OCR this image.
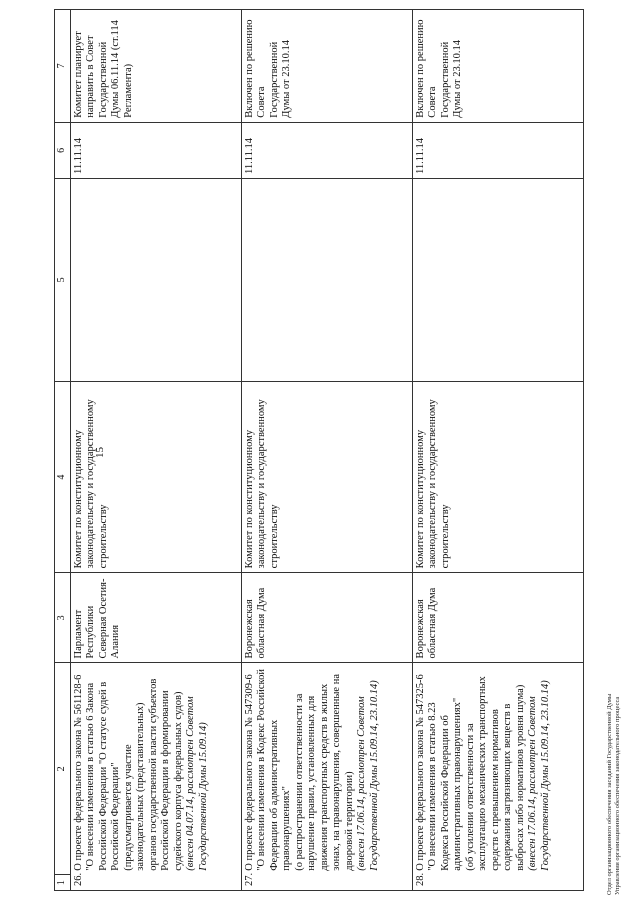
15
1	2	3	4	5	6	7
26.	О проекте федерального закона № 561128-6 "О внесении изменения в статью 6 Закона Российской Федерации "О статусе судей в Российской Федерации" (предусматривается участие законодательных (представительных) органов государственной власти субъектов Российской Федерации в формировании судейского корпуса федеральных судов) (внесен 04.07.14, рассмотрен Советом Государственной Думы 15.09.14)	Парламент Республики Северная Осетия-Алания	Комитет по конституционному законодательству и государственному строительству		11.11.14	Комитет планирует направить в Совет Государственной Думы 06.11.14 (ст.114 Регламента)
27.	О проекте федерального закона № 547309-6 "О внесении изменения в Кодекс Российской Федерации об административных правонарушениях" (о распространении ответственности за нарушение правил, установленных для движения транспортных средств в жилых зонах, на правонарушения, совершенные на дворовой территории) (внесен 17.06.14, рассмотрен Советом Государственной Думы 15.09.14, 23.10.14)	Воронежская областная Дума	Комитет по конституционному законодательству и государственному строительству		11.11.14	Включен по решению Совета Государственной Думы от 23.10.14
28.	О проекте федерального закона № 547325-6 "О внесении изменения в статью 8.23 Кодекса Российской Федерации об административных правонарушениях" (об усилении ответственности за эксплуатацию механических транспортных средств с превышением нормативов содержания загрязняющих веществ в выбросах либо нормативов уровня шума) (внесен 17.06.14, рассмотрен Советом Государственной Думы 15.09.14, 23.10.14)	Воронежская областная Дума	Комитет по конституционному законодательству и государственному строительству		11.11.14	Включен по решению Совета Государственной Думы от 23.10.14
Отдел организационного обеспечения заседаний Государственной Думы Управления организационного обеспечения законодательного процесса
